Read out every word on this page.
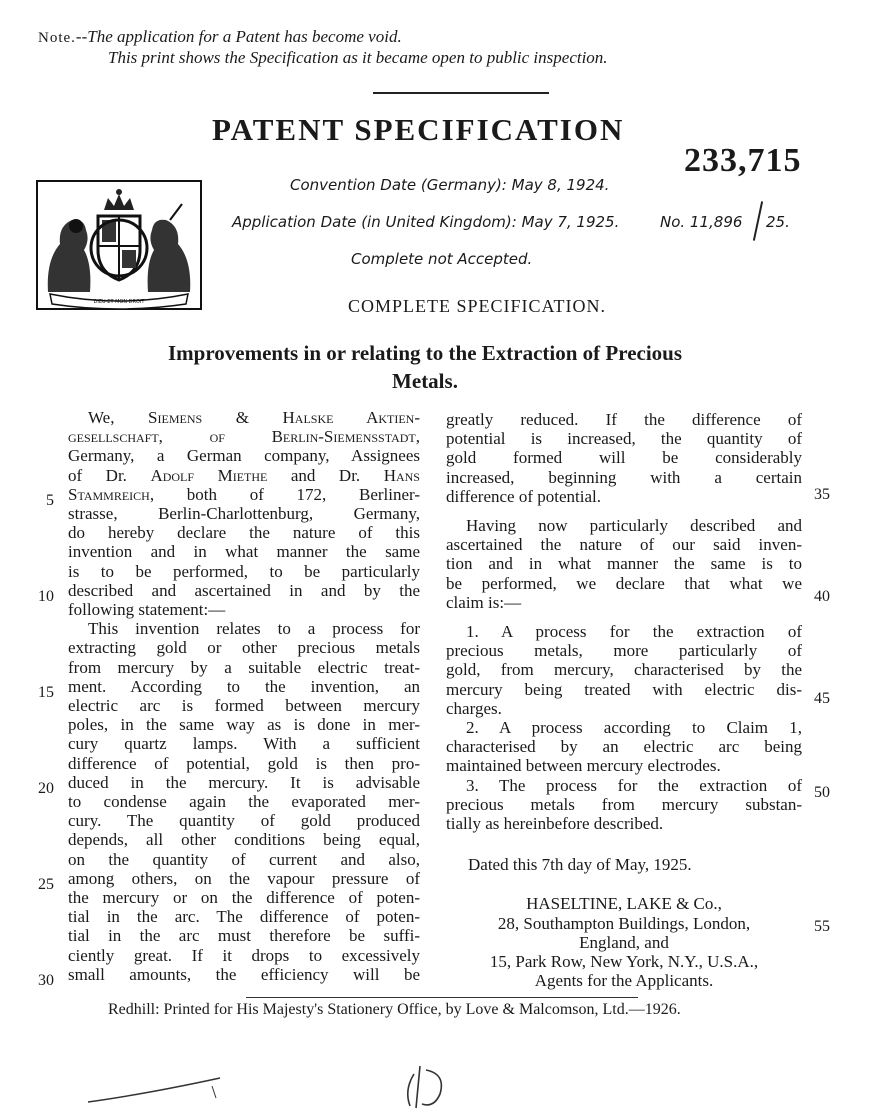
Note.--The application for a Patent has become void.
This print shows the Specification as it became open to public inspection.
PATENT SPECIFICATION
233,715
DIEU ET MON DROIT
Convention Date (Germany): May 8, 1924.
Application Date (in United Kingdom): May 7, 1925.	No. 11,896 25.
Complete not Accepted.
COMPLETE SPECIFICATION.
Improvements in or relating to the Extraction of Precious
Metals.

We, Siemens & Halske Aktien-

gesellschaft, of Berlin-Siemensstadt,

Germany, a German company, Assignees

of Dr. Adolf Miethe and Dr. Hans

Stammreich, both of 172, Berliner-

strasse, Berlin-Charlottenburg, Germany,

do hereby declare the nature of this

invention and in what manner the same

is to be performed, to be particularly

described and ascertained in and by the

following statement:—

This invention relates to a process for

extracting gold or other precious metals

from mercury by a suitable electric treat-

ment. According to the invention, an

electric arc is formed between mercury

poles, in the same way as is done in mer-

cury quartz lamps. With a sufficient

difference of potential, gold is then pro-

duced in the mercury. It is advisable

to condense again the evaporated mer-

cury. The quantity of gold produced

depends, all other conditions being equal,

on the quantity of current and also,

among others, on the vapour pressure of

the mercury or on the difference of poten-

tial in the arc. The difference of poten-

tial in the arc must therefore be suffi-

ciently great. If it drops to excessively

small amounts, the efficiency will be

5
10
15
20
25
30

greatly reduced. If the difference of

potential is increased, the quantity of

gold formed will be considerably

increased, beginning with a certain

difference of potential.

Having now particularly described and

ascertained the nature of our said inven-

tion and in what manner the same is to

be performed, we declare that what we

claim is:—

1. A process for the extraction of

precious metals, more particularly of

gold, from mercury, characterised by the

mercury being treated with electric dis-

charges.

2. A process according to Claim 1,

characterised by an electric arc being

maintained between mercury electrodes.

3. The process for the extraction of

precious metals from mercury substan-

tially as hereinbefore described.

Dated this 7th day of May, 1925.

HASELTINE, LAKE & Co.,

28, Southampton Buildings, London,

England, and

15, Park Row, New York, N.Y., U.S.A.,

Agents for the Applicants.

35
40
45
50
55
Redhill: Printed for His Majesty's Stationery Office, by Love & Malcomson, Ltd.—1926.
